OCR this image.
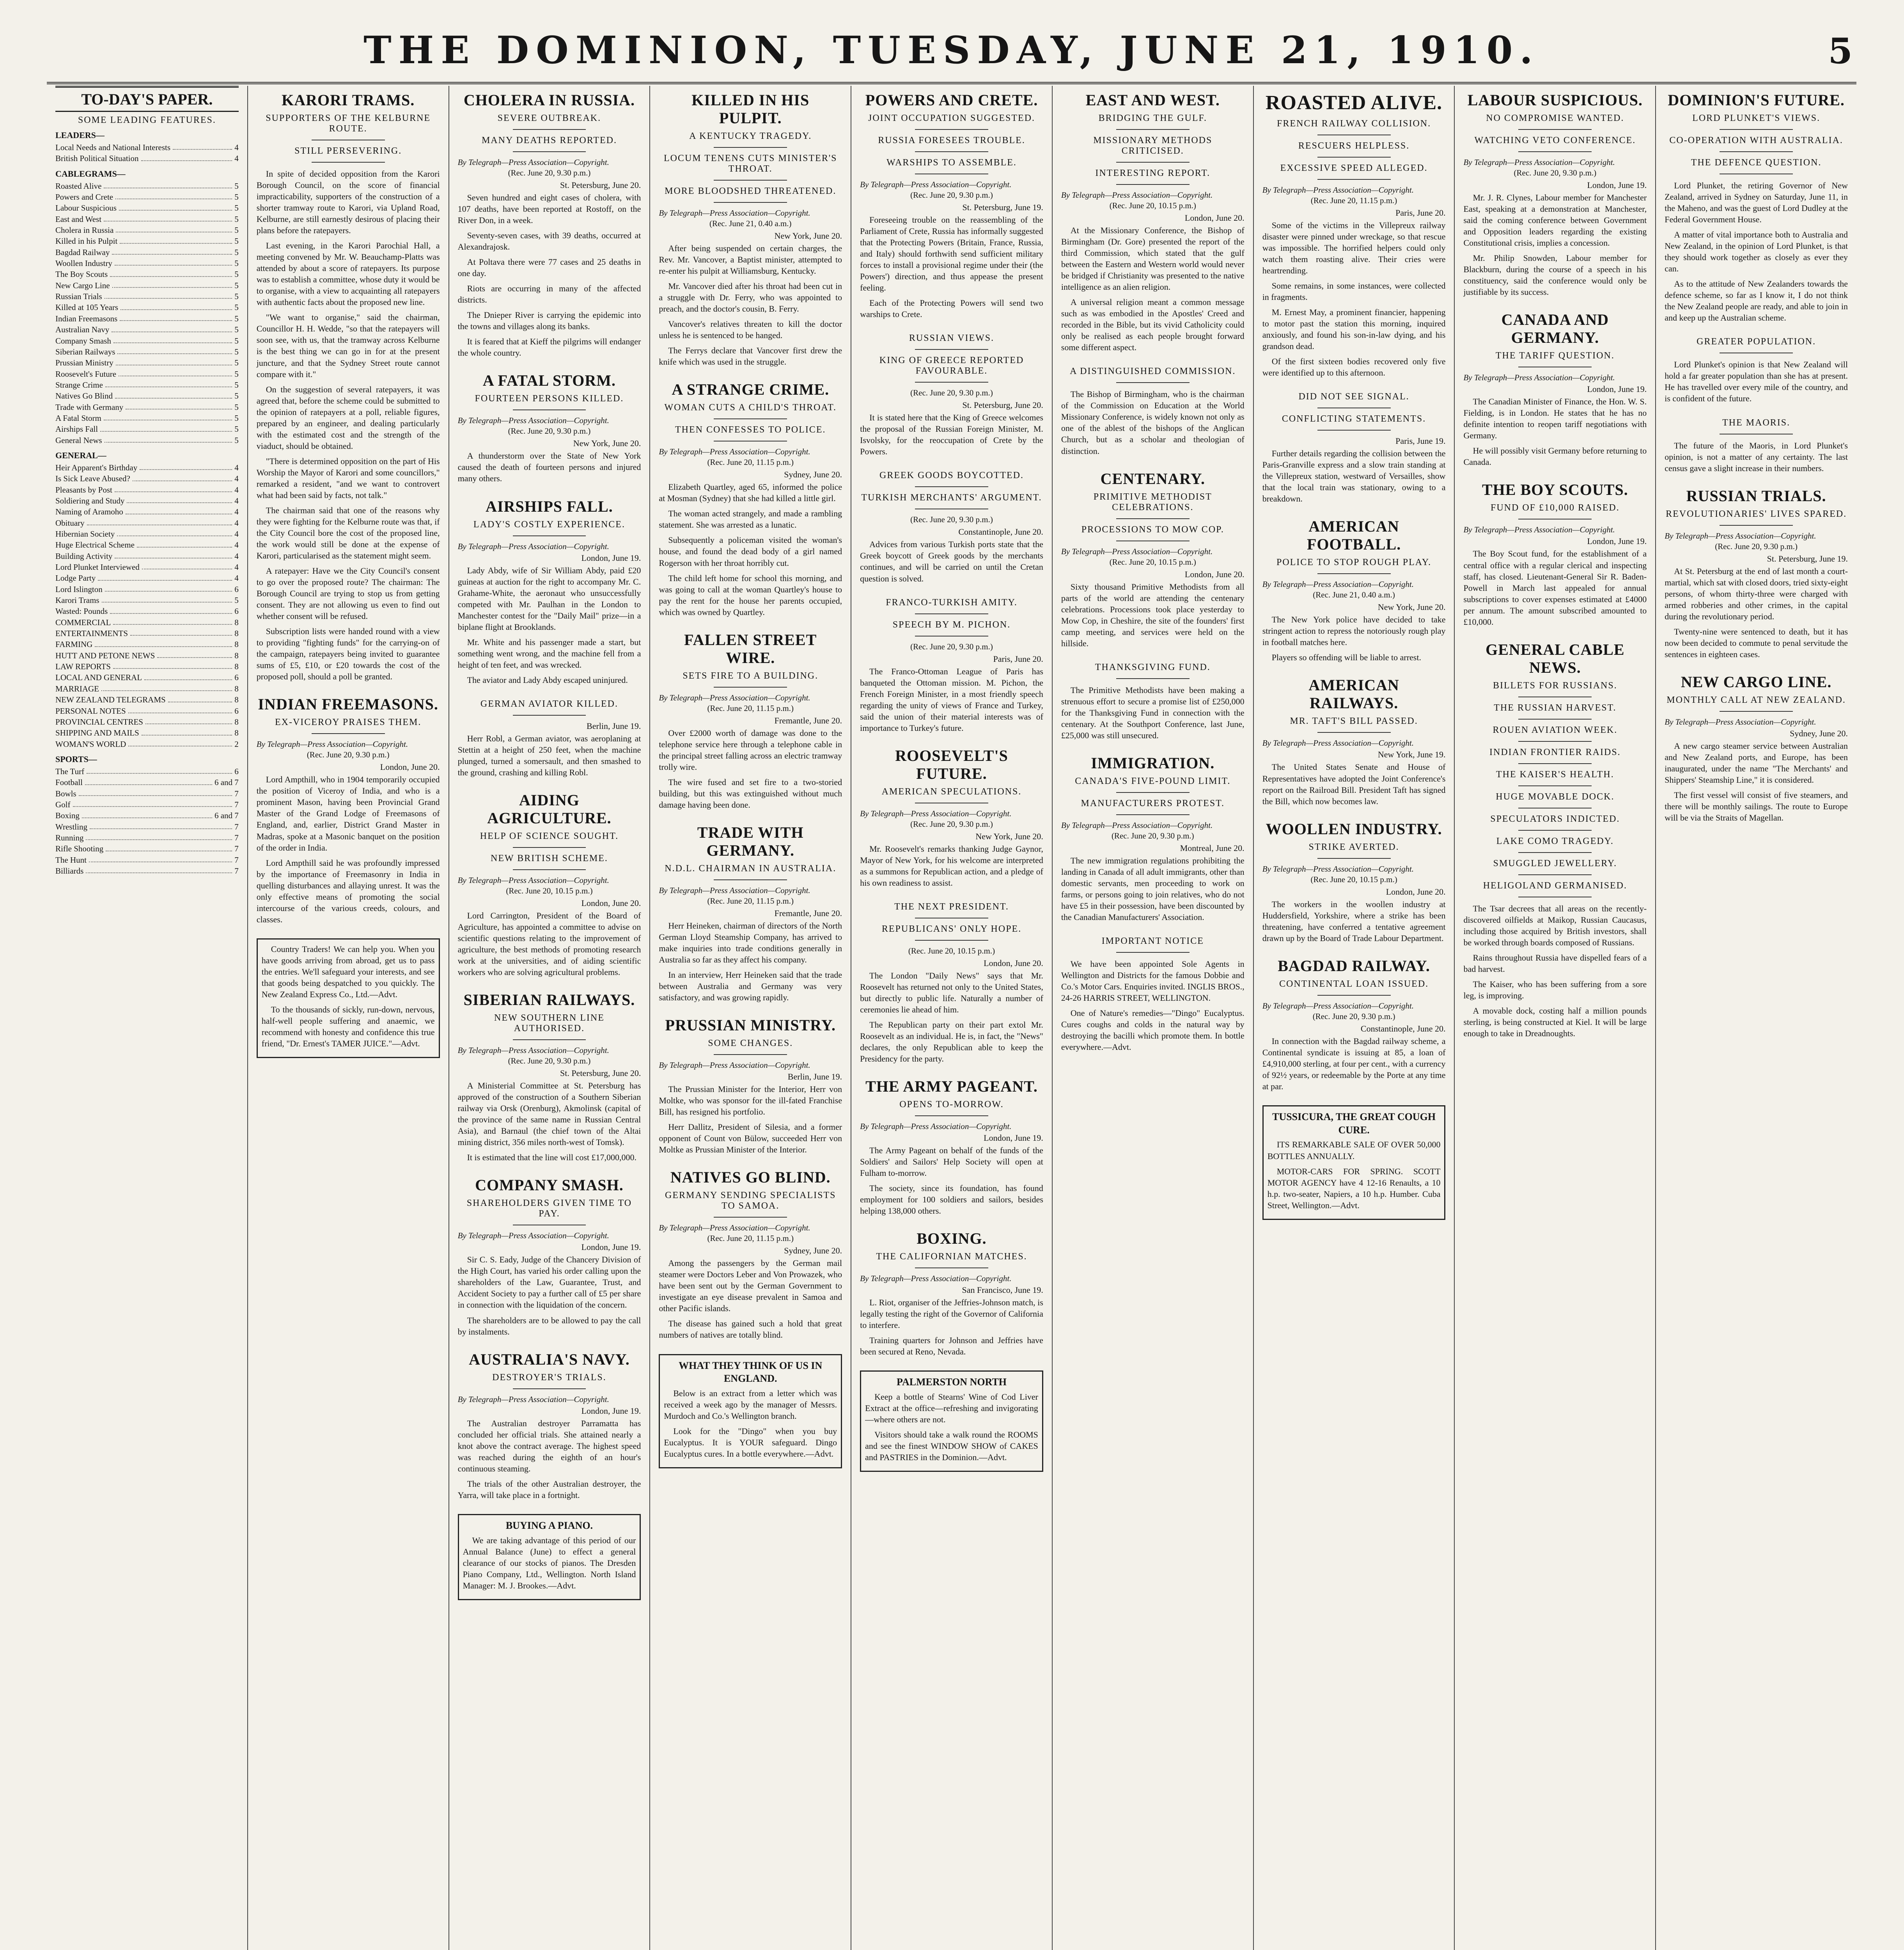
THE DOMINION, TUESDAY, JUNE 21, 1910.	5
TO-DAY'S PAPER.
SOME LEADING FEATURES.
LEADERS—
Local Needs and National Interests	4
British Political Situation	4
CABLEGRAMS—
Roasted Alive	5
Powers and Crete	5
Labour Suspicious	5
East and West	5
Cholera in Russia	5
Killed in his Pulpit	5
Bagdad Railway	5
Woollen Industry	5
The Boy Scouts	5
New Cargo Line	5
Russian Trials	5
Killed at 105 Years	5
Indian Freemasons	5
Australian Navy	5
Company Smash	5
Siberian Railways	5
Prussian Ministry	5
Roosevelt's Future	5
Strange Crime	5
Natives Go Blind	5
Trade with Germany	5
A Fatal Storm	5
Airships Fall	5
General News	5
GENERAL—
Heir Apparent's Birthday	4
Is Sick Leave Abused?	4
Pleasants by Post	4
Soldiering and Study	4
Naming of Aramoho	4
Obituary	4
Hibernian Society	4
Huge Electrical Scheme	4
Building Activity	4
Lord Plunket Interviewed	4
Lodge Party	4
Lord Islington	6
Karori Trams	5
Wasted: Pounds	6
COMMERCIAL	8
ENTERTAINMENTS	8
FARMING	8
HUTT AND PETONE NEWS	8
LAW REPORTS	8
LOCAL AND GENERAL	6
MARRIAGE	8
NEW ZEALAND TELEGRAMS	8
PERSONAL NOTES	6
PROVINCIAL CENTRES	8
SHIPPING AND MAILS	8
WOMAN'S WORLD	2
SPORTS—
The Turf	6
Football	6 and 7
Bowls	7
Golf	7
Boxing	6 and 7
Wrestling	7
Running	7
Rifle Shooting	7
The Hunt	7
Billiards	7
KARORI TRAMS.
SUPPORTERS OF THE KELBURNE ROUTE.
STILL PERSEVERING.

In spite of decided opposition from the Karori Borough Council, on the score of financial impracticability, supporters of the construction of a shorter tramway route to Karori, via Upland Road, Kelburne, are still earnestly desirous of placing their plans before the ratepayers.

Last evening, in the Karori Parochial Hall, a meeting convened by Mr. W. Beauchamp-Platts was attended by about a score of ratepayers. Its purpose was to establish a committee, whose duty it would be to organise, with a view to acquainting all ratepayers with authentic facts about the proposed new line.

"We want to organise," said the chairman, Councillor H. H. Wedde, "so that the ratepayers will soon see, with us, that the tramway across Kelburne is the best thing we can go in for at the present juncture, and that the Sydney Street route cannot compare with it."

On the suggestion of several ratepayers, it was agreed that, before the scheme could be submitted to the opinion of ratepayers at a poll, reliable figures, prepared by an engineer, and dealing particularly with the estimated cost and the strength of the viaduct, should be obtained.

"There is determined opposition on the part of His Worship the Mayor of Karori and some councillors," remarked a resident, "and we want to controvert what had been said by facts, not talk."

The chairman said that one of the reasons why they were fighting for the Kelburne route was that, if the City Council bore the cost of the proposed line, the work would still be done at the expense of Karori, particularised as the statement might seem.

A ratepayer: Have we the City Council's consent to go over the proposed route? The chairman: The Borough Council are trying to stop us from getting consent. They are not allowing us even to find out whether consent will be refused.

Subscription lists were handed round with a view to providing "fighting funds" for the carrying-on of the campaign, ratepayers being invited to guarantee sums of £5, £10, or £20 towards the cost of the proposed poll, should a poll be granted.

INDIAN FREEMASONS.
EX-VICEROY PRAISES THEM.
By Telegraph—Press Association—Copyright.
(Rec. June 20, 9.30 p.m.)
London, June 20.

Lord Ampthill, who in 1904 temporarily occupied the position of Viceroy of India, and who is a prominent Mason, having been Provincial Grand Master of the Grand Lodge of Freemasons of England, and, earlier, District Grand Master in Madras, spoke at a Masonic banquet on the position of the order in India.

Lord Ampthill said he was profoundly impressed by the importance of Freemasonry in India in quelling disturbances and allaying unrest. It was the only effective means of promoting the social intercourse of the various creeds, colours, and classes.

Country Traders! We can help you. When you have goods arriving from abroad, get us to pass the entries. We'll safeguard your interests, and see that goods being despatched to you quickly. The New Zealand Express Co., Ltd.—Advt.

To the thousands of sickly, run-down, nervous, half-well people suffering and anaemic, we recommend with honesty and confidence this true friend, "Dr. Ernest's TAMER JUICE."—Advt.

CHOLERA IN RUSSIA.
SEVERE OUTBREAK.
MANY DEATHS REPORTED.
By Telegraph—Press Association—Copyright.
(Rec. June 20, 9.30 p.m.)
St. Petersburg, June 20.

Seven hundred and eight cases of cholera, with 107 deaths, have been reported at Rostoff, on the River Don, in a week.

Seventy-seven cases, with 39 deaths, occurred at Alexandrajosk.

At Poltava there were 77 cases and 25 deaths in one day.

Riots are occurring in many of the affected districts.

The Dnieper River is carrying the epidemic into the towns and villages along its banks.

It is feared that at Kieff the pilgrims will endanger the whole country.

A FATAL STORM.
FOURTEEN PERSONS KILLED.
By Telegraph—Press Association—Copyright.
(Rec. June 20, 9.30 p.m.)
New York, June 20.

A thunderstorm over the State of New York caused the death of fourteen persons and injured many others.

AIRSHIPS FALL.
LADY'S COSTLY EXPERIENCE.
By Telegraph—Press Association—Copyright.
London, June 19.

Lady Abdy, wife of Sir William Abdy, paid £20 guineas at auction for the right to accompany Mr. C. Grahame-White, the aeronaut who unsuccessfully competed with Mr. Paulhan in the London to Manchester contest for the "Daily Mail" prize—in a biplane flight at Brooklands.

Mr. White and his passenger made a start, but something went wrong, and the machine fell from a height of ten feet, and was wrecked.

The aviator and Lady Abdy escaped uninjured.

GERMAN AVIATOR KILLED.
Berlin, June 19.

Herr Robl, a German aviator, was aeroplaning at Stettin at a height of 250 feet, when the machine plunged, turned a somersault, and then smashed to the ground, crashing and killing Robl.

AIDING AGRICULTURE.
HELP OF SCIENCE SOUGHT.
NEW BRITISH SCHEME.
By Telegraph—Press Association—Copyright.
(Rec. June 20, 10.15 p.m.)
London, June 20.

Lord Carrington, President of the Board of Agriculture, has appointed a committee to advise on scientific questions relating to the improvement of agriculture, the best methods of promoting research work at the universities, and of aiding scientific workers who are solving agricultural problems.

SIBERIAN RAILWAYS.
NEW SOUTHERN LINE AUTHORISED.
By Telegraph—Press Association—Copyright.
(Rec. June 20, 9.30 p.m.)
St. Petersburg, June 20.

A Ministerial Committee at St. Petersburg has approved of the construction of a Southern Siberian railway via Orsk (Orenburg), Akmolinsk (capital of the province of the same name in Russian Central Asia), and Barnaul (the chief town of the Altai mining district, 356 miles north-west of Tomsk).

It is estimated that the line will cost £17,000,000.

COMPANY SMASH.
SHAREHOLDERS GIVEN TIME TO PAY.
By Telegraph—Press Association—Copyright.
London, June 19.

Sir C. S. Eady, Judge of the Chancery Division of the High Court, has varied his order calling upon the shareholders of the Law, Guarantee, Trust, and Accident Society to pay a further call of £5 per share in connection with the liquidation of the concern.

The shareholders are to be allowed to pay the call by instalments.

AUSTRALIA'S NAVY.
DESTROYER'S TRIALS.
By Telegraph—Press Association—Copyright.
London, June 19.

The Australian destroyer Parramatta has concluded her official trials. She attained nearly a knot above the contract average. The highest speed was reached during the eighth of an hour's continuous steaming.

The trials of the other Australian destroyer, the Yarra, will take place in a fortnight.

BUYING A PIANO.

We are taking advantage of this period of our Annual Balance (June) to effect a general clearance of our stocks of pianos. The Dresden Piano Company, Ltd., Wellington. North Island Manager: M. J. Brookes.—Advt.

KILLED IN HIS PULPIT.
A KENTUCKY TRAGEDY.
LOCUM TENENS CUTS MINISTER'S THROAT.
MORE BLOODSHED THREATENED.
By Telegraph—Press Association—Copyright.
(Rec. June 21, 0.40 a.m.)
New York, June 20.

After being suspended on certain charges, the Rev. Mr. Vancover, a Baptist minister, attempted to re-enter his pulpit at Williamsburg, Kentucky.

Mr. Vancover died after his throat had been cut in a struggle with Dr. Ferry, who was appointed to preach, and the doctor's cousin, B. Ferry.

Vancover's relatives threaten to kill the doctor unless he is sentenced to be hanged.

The Ferrys declare that Vancover first drew the knife which was used in the struggle.

A STRANGE CRIME.
WOMAN CUTS A CHILD'S THROAT.
THEN CONFESSES TO POLICE.
By Telegraph—Press Association—Copyright.
(Rec. June 20, 11.15 p.m.)
Sydney, June 20.

Elizabeth Quartley, aged 65, informed the police at Mosman (Sydney) that she had killed a little girl.

The woman acted strangely, and made a rambling statement. She was arrested as a lunatic.

Subsequently a policeman visited the woman's house, and found the dead body of a girl named Rogerson with her throat horribly cut.

The child left home for school this morning, and was going to call at the woman Quartley's house to pay the rent for the house her parents occupied, which was owned by Quartley.

FALLEN STREET WIRE.
SETS FIRE TO A BUILDING.
By Telegraph—Press Association—Copyright.
(Rec. June 20, 11.15 p.m.)
Fremantle, June 20.

Over £2000 worth of damage was done to the telephone service here through a telephone cable in the principal street falling across an electric tramway trolly wire.

The wire fused and set fire to a two-storied building, but this was extinguished without much damage having been done.

TRADE WITH GERMANY.
N.D.L. CHAIRMAN IN AUSTRALIA.
By Telegraph—Press Association—Copyright.
(Rec. June 20, 11.15 p.m.)
Fremantle, June 20.

Herr Heineken, chairman of directors of the North German Lloyd Steamship Company, has arrived to make inquiries into trade conditions generally in Australia so far as they affect his company.

In an interview, Herr Heineken said that the trade between Australia and Germany was very satisfactory, and was growing rapidly.

PRUSSIAN MINISTRY.
SOME CHANGES.
By Telegraph—Press Association—Copyright.
Berlin, June 19.

The Prussian Minister for the Interior, Herr von Moltke, who was sponsor for the ill-fated Franchise Bill, has resigned his portfolio.

Herr Dallitz, President of Silesia, and a former opponent of Count von Bülow, succeeded Herr von Moltke as Prussian Minister of the Interior.

NATIVES GO BLIND.
GERMANY SENDING SPECIALISTS TO SAMOA.
By Telegraph—Press Association—Copyright.
(Rec. June 20, 11.15 p.m.)
Sydney, June 20.

Among the passengers by the German mail steamer were Doctors Leber and Von Prowazek, who have been sent out by the German Government to investigate an eye disease prevalent in Samoa and other Pacific islands.

The disease has gained such a hold that great numbers of natives are totally blind.

WHAT THEY THINK OF US IN ENGLAND.

Below is an extract from a letter which was received a week ago by the manager of Messrs. Murdoch and Co.'s Wellington branch.

Look for the "Dingo" when you buy Eucalyptus. It is YOUR safeguard. Dingo Eucalyptus cures. In a bottle everywhere.—Advt.

POWERS AND CRETE.
JOINT OCCUPATION SUGGESTED.
RUSSIA FORESEES TROUBLE.
WARSHIPS TO ASSEMBLE.
By Telegraph—Press Association—Copyright.
(Rec. June 20, 9.30 p.m.)
St. Petersburg, June 19.

Foreseeing trouble on the reassembling of the Parliament of Crete, Russia has informally suggested that the Protecting Powers (Britain, France, Russia, and Italy) should forthwith send sufficient military forces to install a provisional regime under their (the Powers') direction, and thus appease the present feeling.

Each of the Protecting Powers will send two warships to Crete.

RUSSIAN VIEWS.
KING OF GREECE REPORTED FAVOURABLE.
(Rec. June 20, 9.30 p.m.)
St. Petersburg, June 20.

It is stated here that the King of Greece welcomes the proposal of the Russian Foreign Minister, M. Isvolsky, for the reoccupation of Crete by the Powers.

GREEK GOODS BOYCOTTED.
TURKISH MERCHANTS' ARGUMENT.
(Rec. June 20, 9.30 p.m.)
Constantinople, June 20.

Advices from various Turkish ports state that the Greek boycott of Greek goods by the merchants continues, and will be carried on until the Cretan question is solved.

FRANCO-TURKISH AMITY.
SPEECH BY M. PICHON.
(Rec. June 20, 9.30 p.m.)
Paris, June 20.

The Franco-Ottoman League of Paris has banqueted the Ottoman mission. M. Pichon, the French Foreign Minister, in a most friendly speech regarding the unity of views of France and Turkey, said the union of their material interests was of importance to Turkey's future.

ROOSEVELT'S FUTURE.
AMERICAN SPECULATIONS.
By Telegraph—Press Association—Copyright.
(Rec. June 20, 9.30 p.m.)
New York, June 20.

Mr. Roosevelt's remarks thanking Judge Gaynor, Mayor of New York, for his welcome are interpreted as a summons for Republican action, and a pledge of his own readiness to assist.

THE NEXT PRESIDENT.
REPUBLICANS' ONLY HOPE.
(Rec. June 20, 10.15 p.m.)
London, June 20.

The London "Daily News" says that Mr. Roosevelt has returned not only to the United States, but directly to public life. Naturally a number of ceremonies lie ahead of him.

The Republican party on their part extol Mr. Roosevelt as an individual. He is, in fact, the "News" declares, the only Republican able to keep the Presidency for the party.

THE ARMY PAGEANT.
OPENS TO-MORROW.
By Telegraph—Press Association—Copyright.
London, June 19.

The Army Pageant on behalf of the funds of the Soldiers' and Sailors' Help Society will open at Fulham to-morrow.

The society, since its foundation, has found employment for 100 soldiers and sailors, besides helping 138,000 others.

BOXING.
THE CALIFORNIAN MATCHES.
By Telegraph—Press Association—Copyright.
San Francisco, June 19.

L. Riot, organiser of the Jeffries-Johnson match, is legally testing the right of the Governor of California to interfere.

Training quarters for Johnson and Jeffries have been secured at Reno, Nevada.

PALMERSTON NORTH

Keep a bottle of Stearns' Wine of Cod Liver Extract at the office—refreshing and invigorating—where others are not.

Visitors should take a walk round the ROOMS and see the finest WINDOW SHOW of CAKES and PASTRIES in the Dominion.—Advt.

EAST AND WEST.
BRIDGING THE GULF.
MISSIONARY METHODS CRITICISED.
INTERESTING REPORT.
By Telegraph—Press Association—Copyright.
(Rec. June 20, 10.15 p.m.)
London, June 20.

At the Missionary Conference, the Bishop of Birmingham (Dr. Gore) presented the report of the third Commission, which stated that the gulf between the Eastern and Western world would never be bridged if Christianity was presented to the native intelligence as an alien religion.

A universal religion meant a common message such as was embodied in the Apostles' Creed and recorded in the Bible, but its vivid Catholicity could only be realised as each people brought forward some different aspect.

A DISTINGUISHED COMMISSION.

The Bishop of Birmingham, who is the chairman of the Commission on Education at the World Missionary Conference, is widely known not only as one of the ablest of the bishops of the Anglican Church, but as a scholar and theologian of distinction.

CENTENARY.
PRIMITIVE METHODIST CELEBRATIONS.
PROCESSIONS TO MOW COP.
By Telegraph—Press Association—Copyright.
(Rec. June 20, 10.15 p.m.)
London, June 20.

Sixty thousand Primitive Methodists from all parts of the world are attending the centenary celebrations. Processions took place yesterday to Mow Cop, in Cheshire, the site of the founders' first camp meeting, and services were held on the hillside.

THANKSGIVING FUND.

The Primitive Methodists have been making a strenuous effort to secure a promise list of £250,000 for the Thanksgiving Fund in connection with the centenary. At the Southport Conference, last June, £25,000 was still unsecured.

IMMIGRATION.
CANADA'S FIVE-POUND LIMIT.
MANUFACTURERS PROTEST.
By Telegraph—Press Association—Copyright.
(Rec. June 20, 9.30 p.m.)
Montreal, June 20.

The new immigration regulations prohibiting the landing in Canada of all adult immigrants, other than domestic servants, men proceeding to work on farms, or persons going to join relatives, who do not have £5 in their possession, have been discounted by the Canadian Manufacturers' Association.

IMPORTANT NOTICE

We have been appointed Sole Agents in Wellington and Districts for the famous Dobbie and Co.'s Motor Cars. Enquiries invited. INGLIS BROS., 24-26 HARRIS STREET, WELLINGTON.

One of Nature's remedies—"Dingo" Eucalyptus. Cures coughs and colds in the natural way by destroying the bacilli which promote them. In bottle everywhere.—Advt.

ROASTED ALIVE.
FRENCH RAILWAY COLLISION.
RESCUERS HELPLESS.
EXCESSIVE SPEED ALLEGED.
By Telegraph—Press Association—Copyright.
(Rec. June 20, 11.15 p.m.)
Paris, June 20.

Some of the victims in the Villepreux railway disaster were pinned under wreckage, so that rescue was impossible. The horrified helpers could only watch them roasting alive. Their cries were heartrending.

Some remains, in some instances, were collected in fragments.

M. Ernest May, a prominent financier, happening to motor past the station this morning, inquired anxiously, and found his son-in-law dying, and his grandson dead.

Of the first sixteen bodies recovered only five were identified up to this afternoon.

DID NOT SEE SIGNAL.
CONFLICTING STATEMENTS.
Paris, June 19.

Further details regarding the collision between the Paris-Granville express and a slow train standing at the Villepreux station, westward of Versailles, show that the local train was stationary, owing to a breakdown.

AMERICAN FOOTBALL.
POLICE TO STOP ROUGH PLAY.
By Telegraph—Press Association—Copyright.
(Rec. June 21, 0.40 a.m.)
New York, June 20.

The New York police have decided to take stringent action to repress the notoriously rough play in football matches here.

Players so offending will be liable to arrest.

AMERICAN RAILWAYS.
MR. TAFT'S BILL PASSED.
By Telegraph—Press Association—Copyright.
New York, June 19.

The United States Senate and House of Representatives have adopted the Joint Conference's report on the Railroad Bill. President Taft has signed the Bill, which now becomes law.

WOOLLEN INDUSTRY.
STRIKE AVERTED.
By Telegraph—Press Association—Copyright.
(Rec. June 20, 10.15 p.m.)
London, June 20.

The workers in the woollen industry at Huddersfield, Yorkshire, where a strike has been threatening, have conferred a tentative agreement drawn up by the Board of Trade Labour Department.

BAGDAD RAILWAY.
CONTINENTAL LOAN ISSUED.
By Telegraph—Press Association—Copyright.
(Rec. June 20, 9.30 p.m.)
Constantinople, June 20.

In connection with the Bagdad railway scheme, a Continental syndicate is issuing at 85, a loan of £4,910,000 sterling, at four per cent., with a currency of 92½ years, or redeemable by the Porte at any time at par.

TUSSICURA, THE GREAT COUGH CURE.

ITS REMARKABLE SALE OF OVER 50,000 BOTTLES ANNUALLY.

MOTOR-CARS FOR SPRING. SCOTT MOTOR AGENCY have 4 12-16 Renaults, a 10 h.p. two-seater, Napiers, a 10 h.p. Humber. Cuba Street, Wellington.—Advt.

LABOUR SUSPICIOUS.
NO COMPROMISE WANTED.
WATCHING VETO CONFERENCE.
By Telegraph—Press Association—Copyright.
(Rec. June 20, 9.30 p.m.)
London, June 19.

Mr. J. R. Clynes, Labour member for Manchester East, speaking at a demonstration at Manchester, said the coming conference between Government and Opposition leaders regarding the existing Constitutional crisis, implies a concession.

Mr. Philip Snowden, Labour member for Blackburn, during the course of a speech in his constituency, said the conference would only be justifiable by its success.

CANADA AND GERMANY.
THE TARIFF QUESTION.
By Telegraph—Press Association—Copyright.
London, June 19.

The Canadian Minister of Finance, the Hon. W. S. Fielding, is in London. He states that he has no definite intention to reopen tariff negotiations with Germany.

He will possibly visit Germany before returning to Canada.

THE BOY SCOUTS.
FUND OF £10,000 RAISED.
By Telegraph—Press Association—Copyright.
London, June 19.

The Boy Scout fund, for the establishment of a central office with a regular clerical and inspecting staff, has closed. Lieutenant-General Sir R. Baden-Powell in March last appealed for annual subscriptions to cover expenses estimated at £4000 per annum. The amount subscribed amounted to £10,000.

GENERAL CABLE NEWS.
BILLETS FOR RUSSIANS.
THE RUSSIAN HARVEST.
ROUEN AVIATION WEEK.
INDIAN FRONTIER RAIDS.
THE KAISER'S HEALTH.
HUGE MOVABLE DOCK.
SPECULATORS INDICTED.
LAKE COMO TRAGEDY.
SMUGGLED JEWELLERY.
HELIGOLAND GERMANISED.

The Tsar decrees that all areas on the recently-discovered oilfields at Maikop, Russian Caucasus, including those acquired by British investors, shall be worked through boards composed of Russians.

Rains throughout Russia have dispelled fears of a bad harvest.

The Kaiser, who has been suffering from a sore leg, is improving.

A movable dock, costing half a million pounds sterling, is being constructed at Kiel. It will be large enough to take in Dreadnoughts.

DOMINION'S FUTURE.
LORD PLUNKET'S VIEWS.
CO-OPERATION WITH AUSTRALIA.
THE DEFENCE QUESTION.

Lord Plunket, the retiring Governor of New Zealand, arrived in Sydney on Saturday, June 11, in the Maheno, and was the guest of Lord Dudley at the Federal Government House.

A matter of vital importance both to Australia and New Zealand, in the opinion of Lord Plunket, is that they should work together as closely as ever they can.

As to the attitude of New Zealanders towards the defence scheme, so far as I know it, I do not think the New Zealand people are ready, and able to join in and keep up the Australian scheme.

GREATER POPULATION.

Lord Plunket's opinion is that New Zealand will hold a far greater population than she has at present. He has travelled over every mile of the country, and is confident of the future.

THE MAORIS.

The future of the Maoris, in Lord Plunket's opinion, is not a matter of any certainty. The last census gave a slight increase in their numbers.

RUSSIAN TRIALS.
REVOLUTIONARIES' LIVES SPARED.
By Telegraph—Press Association—Copyright.
(Rec. June 20, 9.30 p.m.)
St. Petersburg, June 19.

At St. Petersburg at the end of last month a court-martial, which sat with closed doors, tried sixty-eight persons, of whom thirty-three were charged with armed robberies and other crimes, in the capital during the revolutionary period.

Twenty-nine were sentenced to death, but it has now been decided to commute to penal servitude the sentences in eighteen cases.

NEW CARGO LINE.
MONTHLY CALL AT NEW ZEALAND.
By Telegraph—Press Association—Copyright.
Sydney, June 20.

A new cargo steamer service between Australian and New Zealand ports, and Europe, has been inaugurated, under the name "The Merchants' and Shippers' Steamship Line," it is considered.

The first vessel will consist of five steamers, and there will be monthly sailings. The route to Europe will be via the Straits of Magellan.
